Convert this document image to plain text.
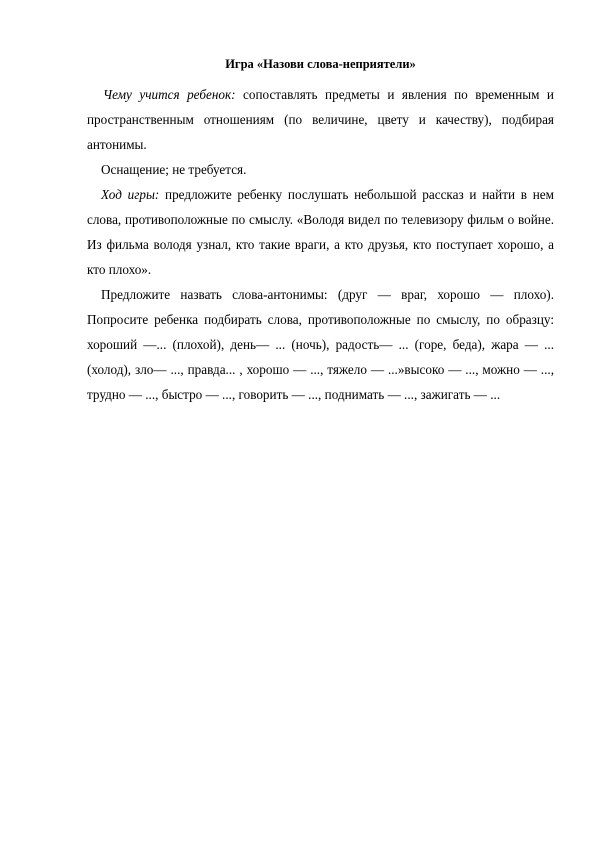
Игра «Назови слова-неприятели»

Чему учится ребенок: сопоставлять предметы и явления по временным и пространственным отношениям (по величине, цвету и качеству), подбирая антонимы.

Оснащение; не требуется.

Ход игры: предложите ребенку послушать небольшой рассказ и найти в нем слова, противоположные по смыслу. «Володя видел по телевизору фильм о войне. Из фильма володя узнал, кто такие враги, а кто друзья, кто поступает хорошо, а кто плохо».

Предложите назвать слова-антонимы: (друг — враг, хорошо — плохо). Попросите ребенка подбирать слова, противоположные по смыслу, по образцу: хороший —... (плохой), день— ... (ночь), радость— ... (горе, беда), жара — ... (холод), зло— ..., правда... , хорошо — ..., тяжело — ...»высоко — ..., можно — ..., трудно — ..., быстро — ..., говорить — ..., поднимать — ..., зажигать — ...
